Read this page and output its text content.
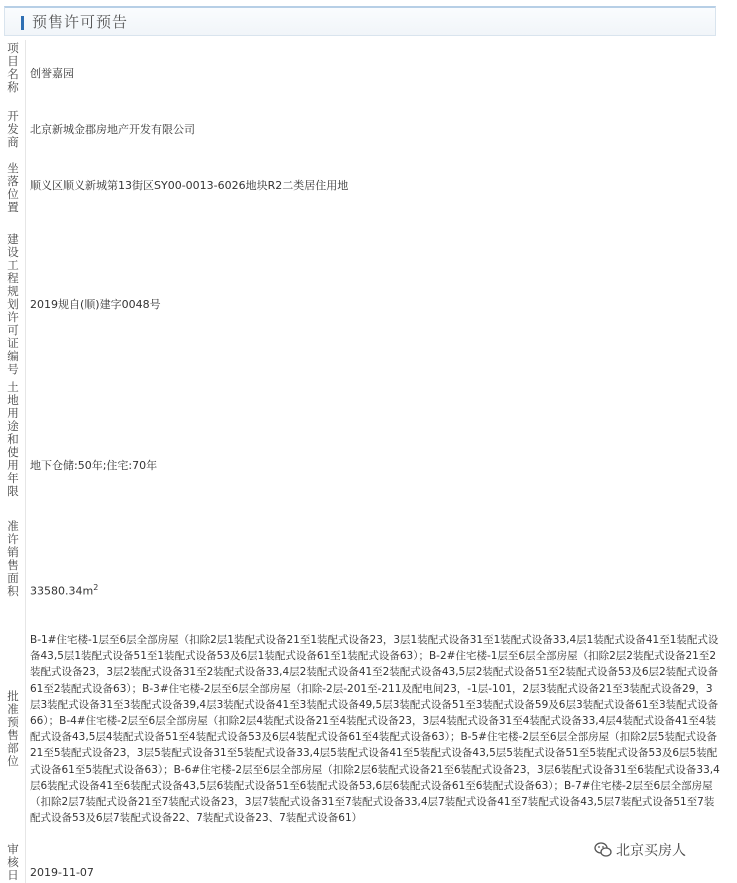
预售许可预告
项目名称
开发商
坐落位置
建设工程规划许可证编号
土地用途和使用年限
准许销售面积
批准预售部位
审核日
创誉嘉园
北京新城金郡房地产开发有限公司
顺义区顺义新城第13街区SY00-0013-6026地块R2二类居住用地
2019规自(顺)建字0048号
地下仓储:50年;住宅:70年
$33580.34m^2$
B-1#住宅楼-1层至6层全部房屋（扣除2层1装配式设备21至1装配式设备23，3层1装配式设备31至1装配式设备33,4层1装配式设备41至1装配式设备43,5层1装配式设备51至1装配式设备53及6层1装配式设备61至1装配式设备63）；B-2#住宅楼-1层至6层全部房屋（扣除2层2装配式设备21至2装配式设备23，3层2装配式设备31至2装配式设备33,4层2装配式设备41至2装配式设备43,5层2装配式设备51至2装配式设备53及6层2装配式设备61至2装配式设备63）；B-3#住宅楼-2层至6层全部房屋（扣除-2层-201至-211及配电间23，-1层-101，2层3装配式设备21至3装配式设备29，3层3装配式设备31至3装配式设备39,4层3装配式设备41至3装配式设备49,5层3装配式设备51至3装配式设备59及6层3装配式设备61至3装配式设备66）；B-4#住宅楼-2层至6层全部房屋（扣除2层4装配式设备21至4装配式设备23，3层4装配式设备31至4装配式设备33,4层4装配式设备41至4装配式设备43,5层4装配式设备51至4装配式设备53及6层4装配式设备61至4装配式设备63）；B-5#住宅楼-2层至6层全部房屋（扣除2层5装配式设备21至5装配式设备23，3层5装配式设备31至5装配式设备33,4层5装配式设备41至5装配式设备43,5层5装配式设备51至5装配式设备53及6层5装配式设备61至5装配式设备63）；B-6#住宅楼-2层至6层全部房屋（扣除2层6装配式设备21至6装配式设备23，3层6装配式设备31至6装配式设备33,4层6装配式设备41至6装配式设备43,5层6装配式设备51至6装配式设备53,6层6装配式设备61至6装配式设备63）；B-7#住宅楼-2层至6层全部房屋（扣除2层7装配式设备21至7装配式设备23，3层7装配式设备31至7装配式设备33,4层7装配式设备41至7装配式设备43,5层7装配式设备51至7装配式设备53及6层7装配式设备22、7装配式设备23、7装配式设备61）
2019-11-07
北京买房人
